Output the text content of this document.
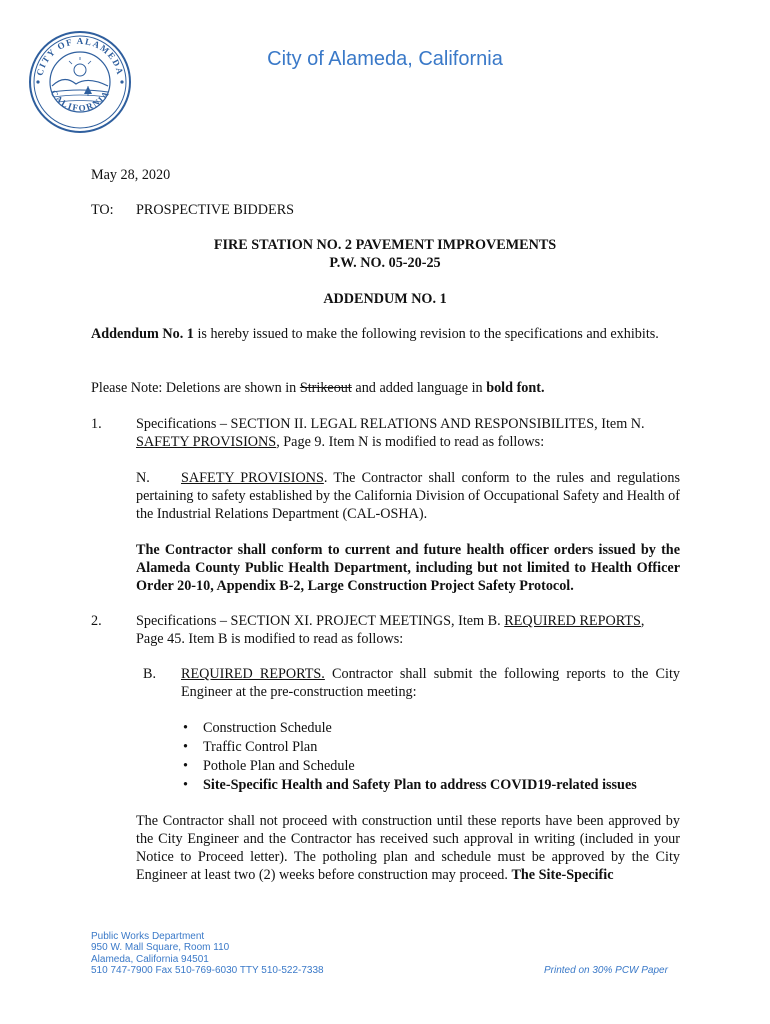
CITY OF ALAMEDA
CALIFORNIA
City of Alameda, California
May 28, 2020
TO: PROSPECTIVE BIDDERS
FIRE STATION NO. 2 PAVEMENT IMPROVEMENTS
P.W. NO. 05-20-25
ADDENDUM NO. 1
Addendum No. 1 is hereby issued to make the following revision to the specifications and exhibits.
Please Note: Deletions are shown in Strikeout and added language in bold font.
1. Specifications – SECTION II. LEGAL RELATIONS AND RESPONSIBILITES, Item N.
SAFETY PROVISIONS, Page 9. Item N is modified to read as follows:
N. SAFETY PROVISIONS. The Contractor shall conform to the rules and regulations pertaining to safety established by the California Division of Occupational Safety and Health of the Industrial Relations Department (CAL-OSHA).
The Contractor shall conform to current and future health officer orders issued by the Alameda County Public Health Department, including but not limited to Health Officer Order 20-10, Appendix B-2, Large Construction Project Safety Protocol.
2. Specifications – SECTION XI. PROJECT MEETINGS, Item B. REQUIRED REPORTS,
Page 45. Item B is modified to read as follows:
B. REQUIRED REPORTS. Contractor shall submit the following reports to the City Engineer at the pre-construction meeting:
• Construction Schedule
• Traffic Control Plan
• Pothole Plan and Schedule
• Site-Specific Health and Safety Plan to address COVID19-related issues
The Contractor shall not proceed with construction until these reports have been approved by the City Engineer and the Contractor has received such approval in writing (included in your Notice to Proceed letter). The potholing plan and schedule must be approved by the City Engineer at least two (2) weeks before construction may proceed. The Site-Specific
Public Works Department
950 W. Mall Square, Room 110
Alameda, California 94501
510 747-7900 Fax 510-769-6030 TTY 510-522-7338	Printed on 30% PCW Paper
